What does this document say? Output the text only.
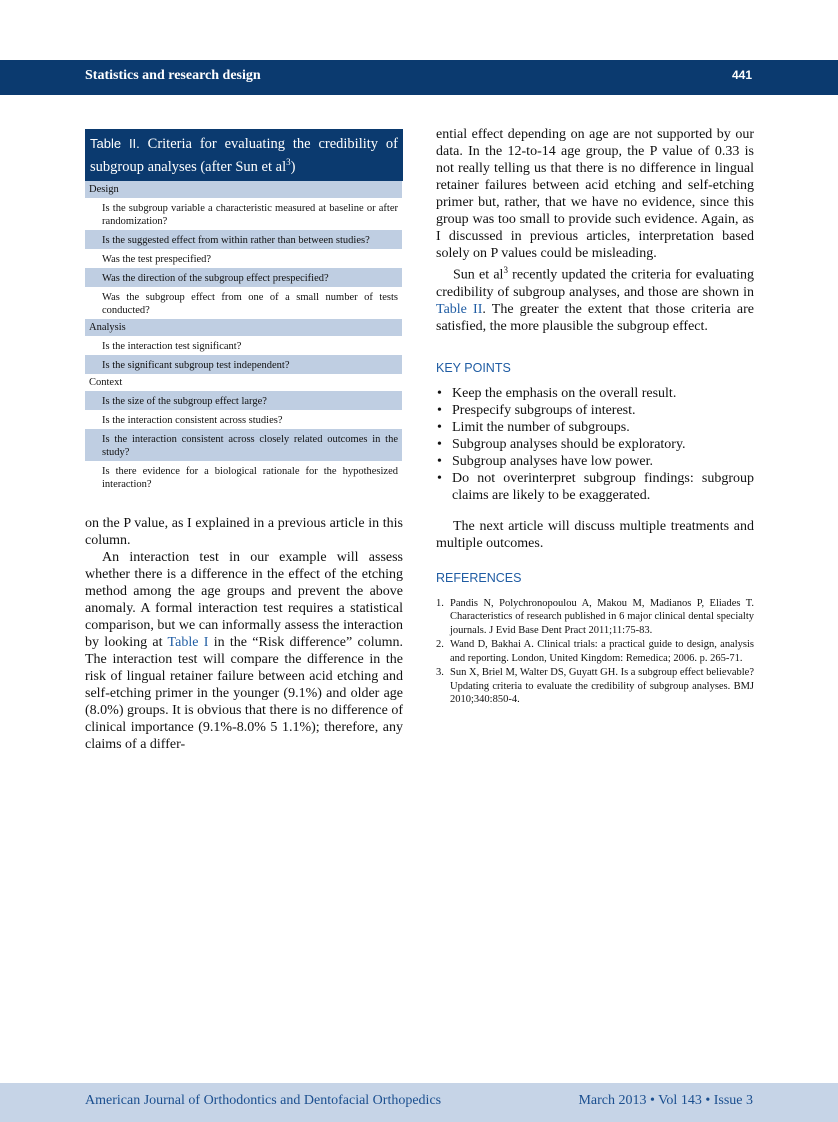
Statistics and research design	441
Table II. Criteria for evaluating the credibility of subgroup analyses (after Sun et $al^3$)
Design
Is the subgroup variable a characteristic measured at baseline or after randomization?
Is the suggested effect from within rather than between studies?
Was the test prespecified?
Was the direction of the subgroup effect prespecified?
Was the subgroup effect from one of a small number of tests conducted?
Analysis
Is the interaction test significant?
Is the significant subgroup test independent?
Context
Is the size of the subgroup effect large?
Is the interaction consistent across studies?
Is the interaction consistent across closely related outcomes in the study?
Is there evidence for a biological rationale for the hypothesized interaction?

on the P value, as I explained in a previous article in this column.

An interaction test in our example will assess whether there is a difference in the effect of the etching method among the age groups and prevent the above anomaly. A formal interaction test requires a statistical comparison, but we can informally assess the interaction by looking at Table I in the “Risk difference” column. The interaction test will compare the difference in the risk of lingual retainer failure between acid etching and self-etching primer in the younger (9.1%) and older age (8.0%) groups. It is obvious that there is no difference of clinical importance (9.1%-8.0% 5 1.1%); therefore, any claims of a differ-

ential effect depending on age are not supported by our data. In the 12-to-14 age group, the P value of 0.33 is not really telling us that there is no difference in lingual retainer failures between acid etching and self-etching primer but, rather, that we have no evidence, since this group was too small to provide such evidence. Again, as I discussed in previous articles, interpretation based solely on P values could be misleading.

Sun et $al^3$ recently updated the criteria for evaluating credibility of subgroup analyses, and those are shown in Table II. The greater the extent that those criteria are satisfied, the more plausible the subgroup effect.

KEY POINTS
• Keep the emphasis on the overall result.
• Prespecify subgroups of interest.
• Limit the number of subgroups.
• Subgroup analyses should be exploratory.
• Subgroup analyses have low power.
• Do not overinterpret subgroup findings: subgroup claims are likely to be exaggerated.

The next article will discuss multiple treatments and multiple outcomes.

REFERENCES
1. Pandis N, Polychronopoulou A, Makou M, Madianos P, Eliades T. Characteristics of research published in 6 major clinical dental specialty journals. J Evid Base Dent Pract 2011;11:75-83.
2. Wand D, Bakhai A. Clinical trials: a practical guide to design, analysis and reporting. London, United Kingdom: Remedica; 2006. p. 265-71.
3. Sun X, Briel M, Walter DS, Guyatt GH. Is a subgroup effect believable? Updating criteria to evaluate the credibility of subgroup analyses. BMJ 2010;340:850-4.
American Journal of Orthodontics and Dentofacial Orthopedics	March 2013 • Vol 143 • Issue 3
